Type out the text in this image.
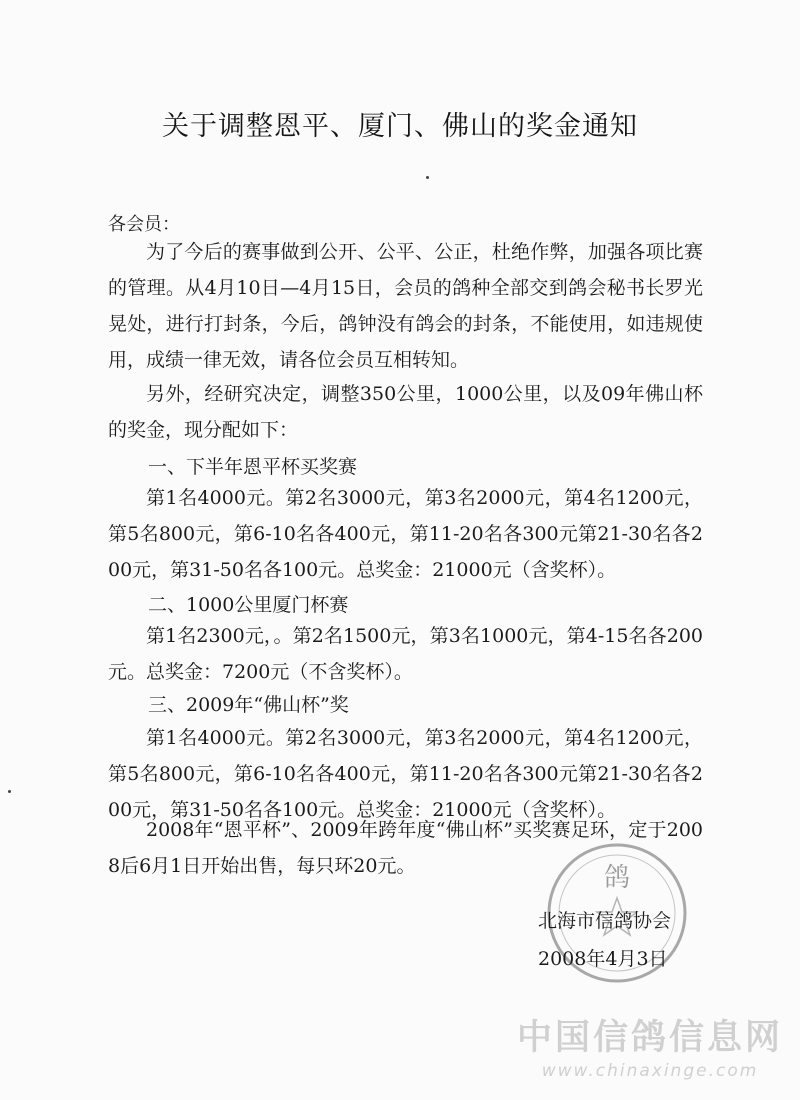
关于调整恩平、厦门、佛山的奖金通知
各会员：
为了今后的赛事做到公开、公平、公正，杜绝作弊，加强各项比赛的管理。从4月10日—4月15日，会员的鸽种全部交到鸽会秘书长罗光晃处，进行打封条，今后，鸽钟没有鸽会的封条，不能使用，如违规使用，成绩一律无效，请各位会员互相转知。
另外，经研究决定，调整350公里，1000公里，以及09年佛山杯的奖金，现分配如下：
一、下半年恩平杯买奖赛
第1名4000元。第2名3000元，第3名2000元，第4名1200元，第5名800元，第6-10名各400元，第11-20名各300元第21-30名各200元，第31-50名各100元。总奖金：21000元（含奖杯）。
二、1000公里厦门杯赛
第1名2300元，。第2名1500元，第3名1000元，第4-15名各200元。总奖金：7200元（不含奖杯）。
三、2009年“佛山杯”奖
第1名4000元。第2名3000元，第3名2000元，第4名1200元，第5名800元，第6-10名各400元，第11-20名各300元第21-30名各200元，第31-50名各100元。总奖金：21000元（含奖杯）。
2008年“恩平杯”、2009年跨年度“佛山杯”买奖赛足环，定于2008后6月1日开始出售，每只环20元。	鸽
北海市信鸽协会
2008年4月3日
中国信鸽信息网
www.chinaxinge.com
